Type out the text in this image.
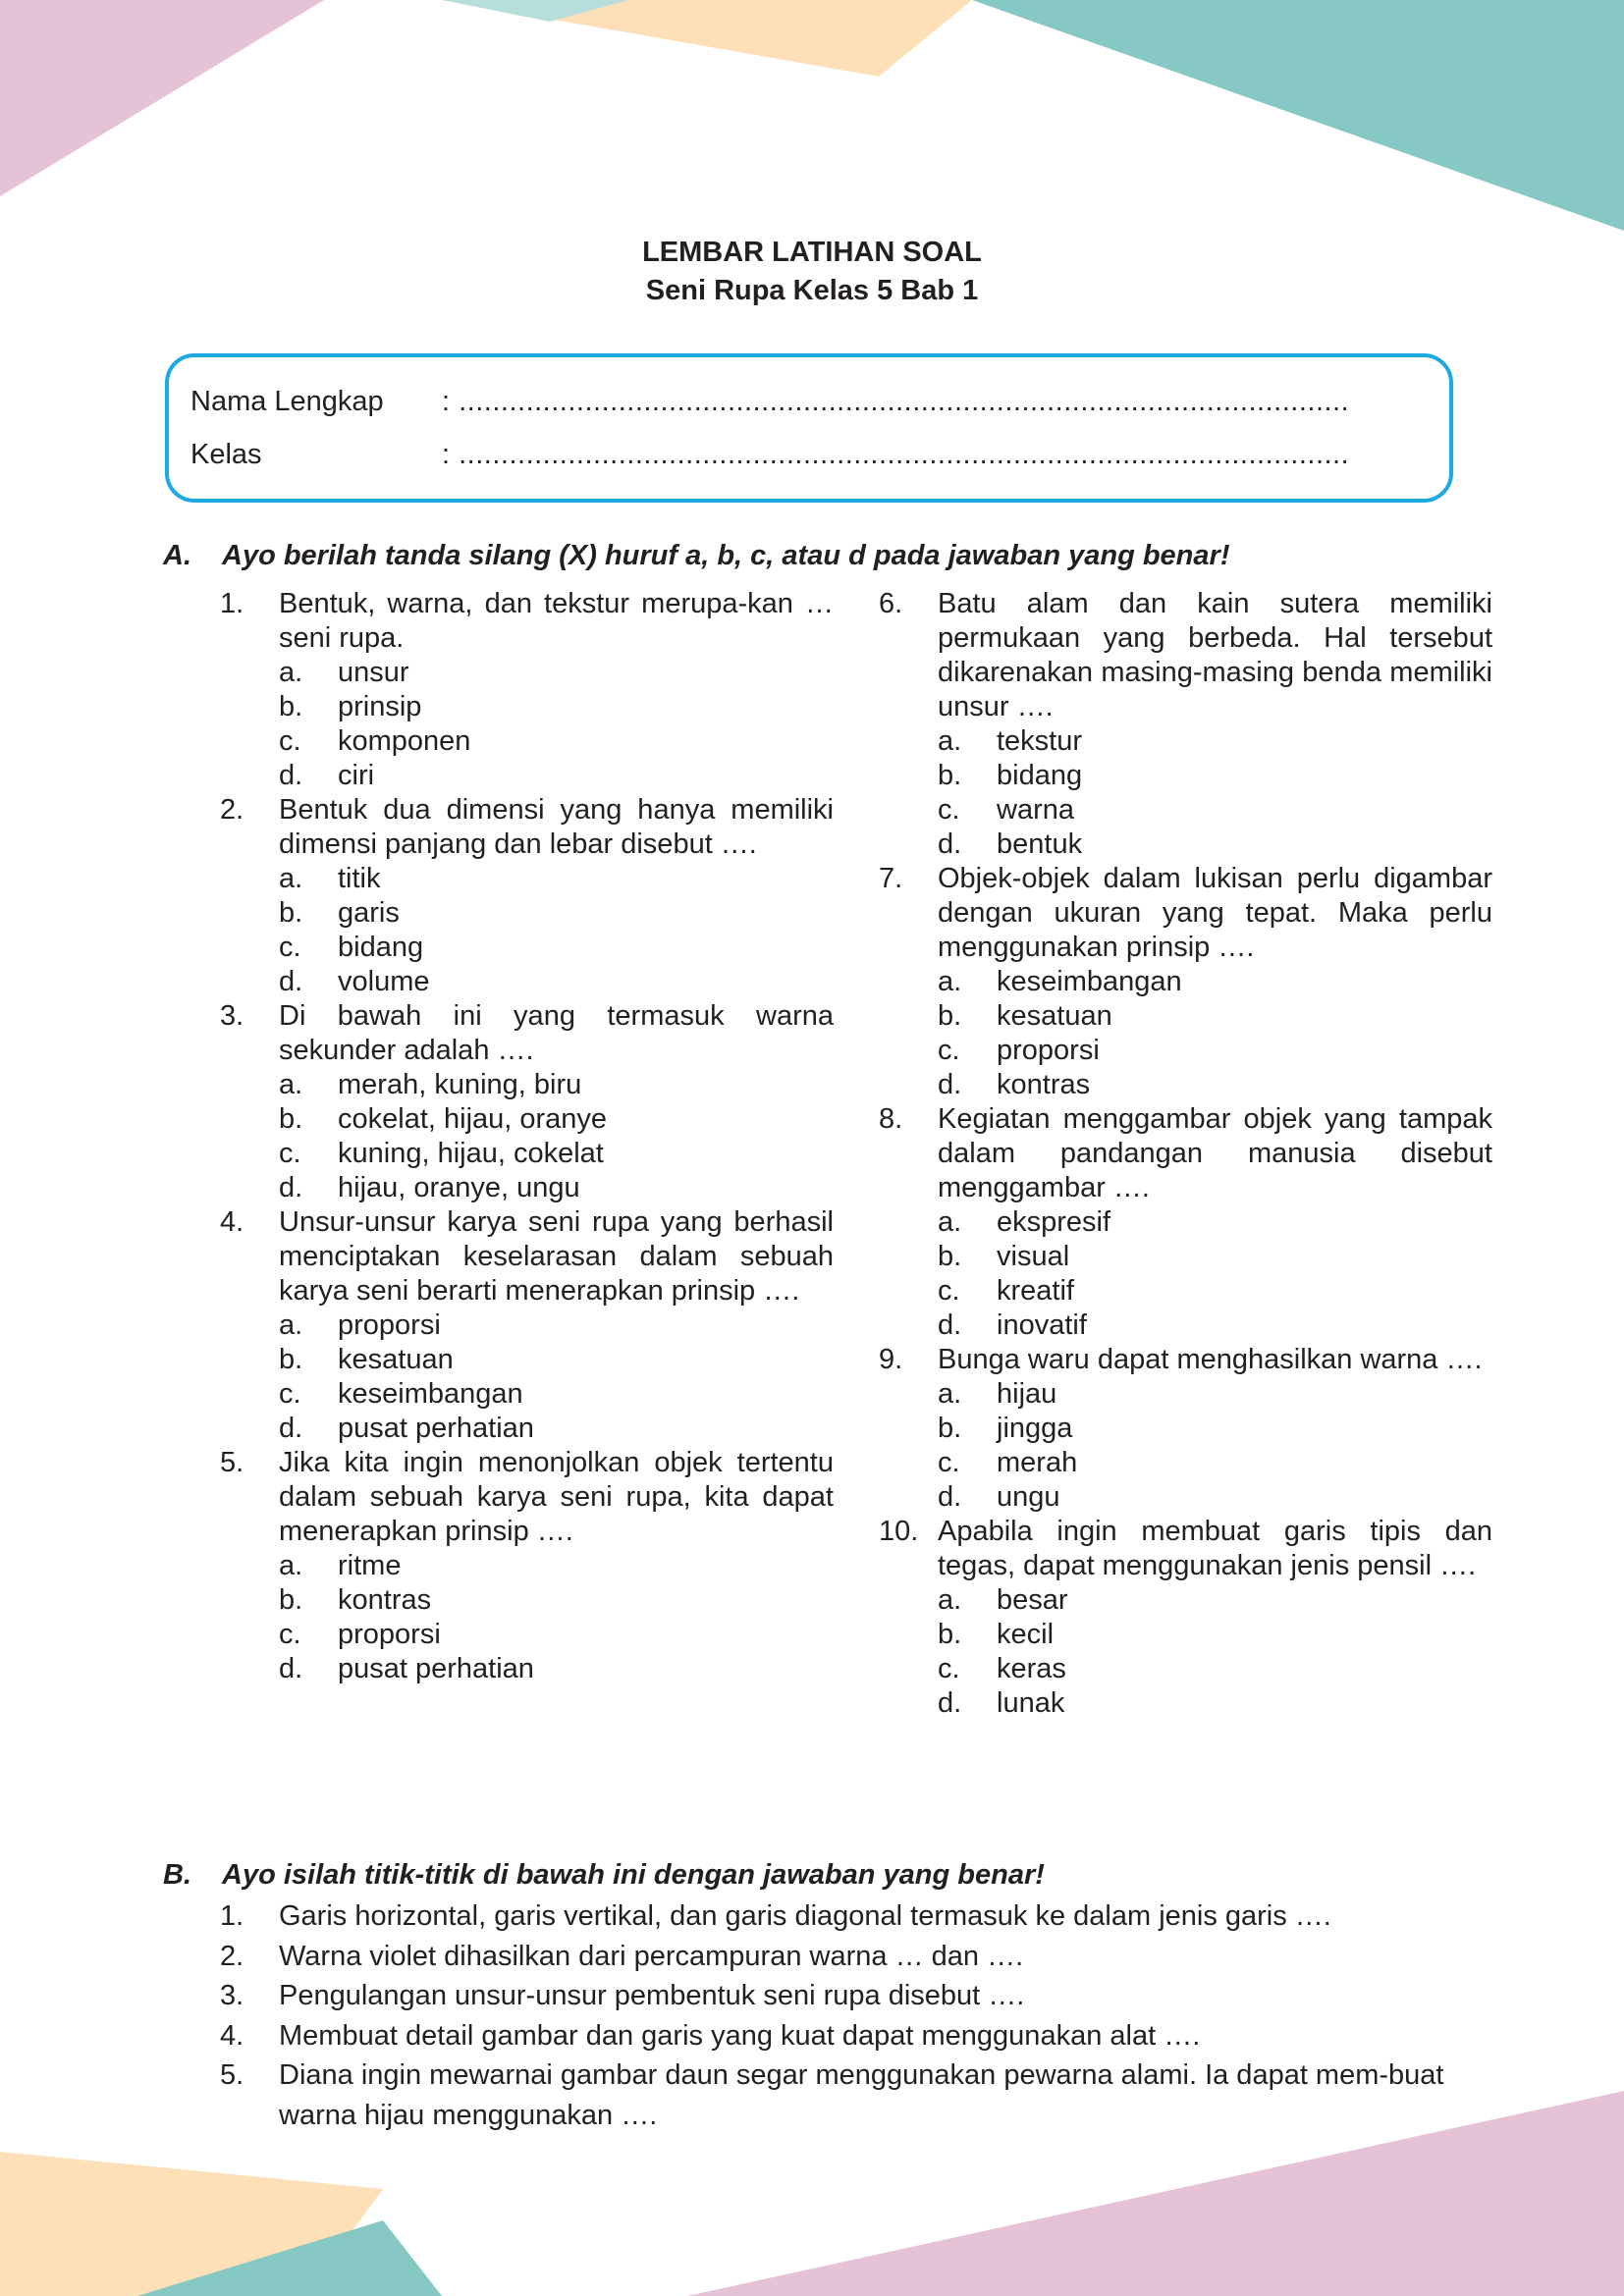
LEMBAR LATIHAN SOAL
Seni Rupa Kelas 5 Bab 1
Nama Lengkap : ..........................................................................................................
Kelas	: ..........................................................................................................
A. Ayo berilah tanda silang (X) huruf a, b, c, atau d pada jawaban yang benar!
1. Bentuk, warna, dan tekstur merupa-kan … seni rupa.
a. unsur
b. prinsip
c. komponen
d. ciri
2. Bentuk dua dimensi yang hanya memiliki dimensi panjang dan lebar disebut ….
a. titik
b. garis
c. bidang
d. volume
3. Di bawah ini yang termasuk warna sekunder adalah ….
a. merah, kuning, biru
b. cokelat, hijau, oranye
c. kuning, hijau, cokelat
d. hijau, oranye, ungu
4. Unsur-unsur karya seni rupa yang berhasil menciptakan keselarasan dalam sebuah karya seni berarti menerapkan prinsip ….
a. proporsi
b. kesatuan
c. keseimbangan
d. pusat perhatian
5. Jika kita ingin menonjolkan objek tertentu dalam sebuah karya seni rupa, kita dapat menerapkan prinsip ….
a. ritme
b. kontras
c. proporsi
d. pusat perhatian
6. Batu alam dan kain sutera memiliki permukaan yang berbeda. Hal tersebut dikarenakan masing-masing benda memiliki unsur ….
a. tekstur
b. bidang
c. warna
d. bentuk
7. Objek-objek dalam lukisan perlu digambar dengan ukuran yang tepat. Maka perlu menggunakan prinsip ….
a. keseimbangan
b. kesatuan
c. proporsi
d. kontras
8. Kegiatan menggambar objek yang tampak dalam pandangan manusia disebut menggambar ….
a. ekspresif
b. visual
c. kreatif
d. inovatif
9. Bunga waru dapat menghasilkan warna ….
a. hijau
b. jingga
c. merah
d. ungu
10. Apabila ingin membuat garis tipis dan tegas, dapat menggunakan jenis pensil ….
a. besar
b. kecil
c. keras
d. lunak
B. Ayo isilah titik-titik di bawah ini dengan jawaban yang benar!
1. Garis horizontal, garis vertikal, dan garis diagonal termasuk ke dalam jenis garis ….
2. Warna violet dihasilkan dari percampuran warna … dan ….
3. Pengulangan unsur-unsur pembentuk seni rupa disebut ….
4. Membuat detail gambar dan garis yang kuat dapat menggunakan alat ….
5. Diana ingin mewarnai gambar daun segar menggunakan pewarna alami. Ia dapat mem-buat warna hijau menggunakan ….
